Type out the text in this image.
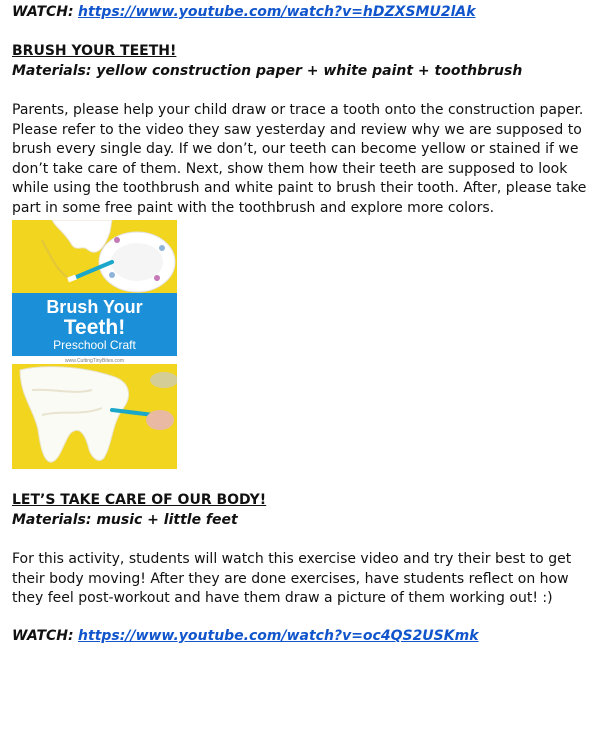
WATCH: https://www.youtube.com/watch?v=hDZXSMU2lAk
BRUSH YOUR TEETH!
Materials: yellow construction paper + white paint + toothbrush

Parents, please help your child draw or trace a tooth onto the construction paper. Please refer to the video they saw yesterday and review why we are supposed to brush every single day. If we don’t, our teeth can become yellow or stained if we don’t take care of them. Next, show them how their teeth are supposed to look while using the toothbrush and white paint to brush their tooth. After, please take part in some free paint with the toothbrush and explore more colors.

Brush Your
Teeth!
Preschool Craft
www.CuttingTinyBites.com
LET’S TAKE CARE OF OUR BODY!
Materials: music + little feet

For this activity, students will watch this exercise video and try their best to get their body moving! After they are done exercises, have students reflect on how they feel post-workout and have them draw a picture of them working out! :)

WATCH: https://www.youtube.com/watch?v=oc4QS2USKmk
